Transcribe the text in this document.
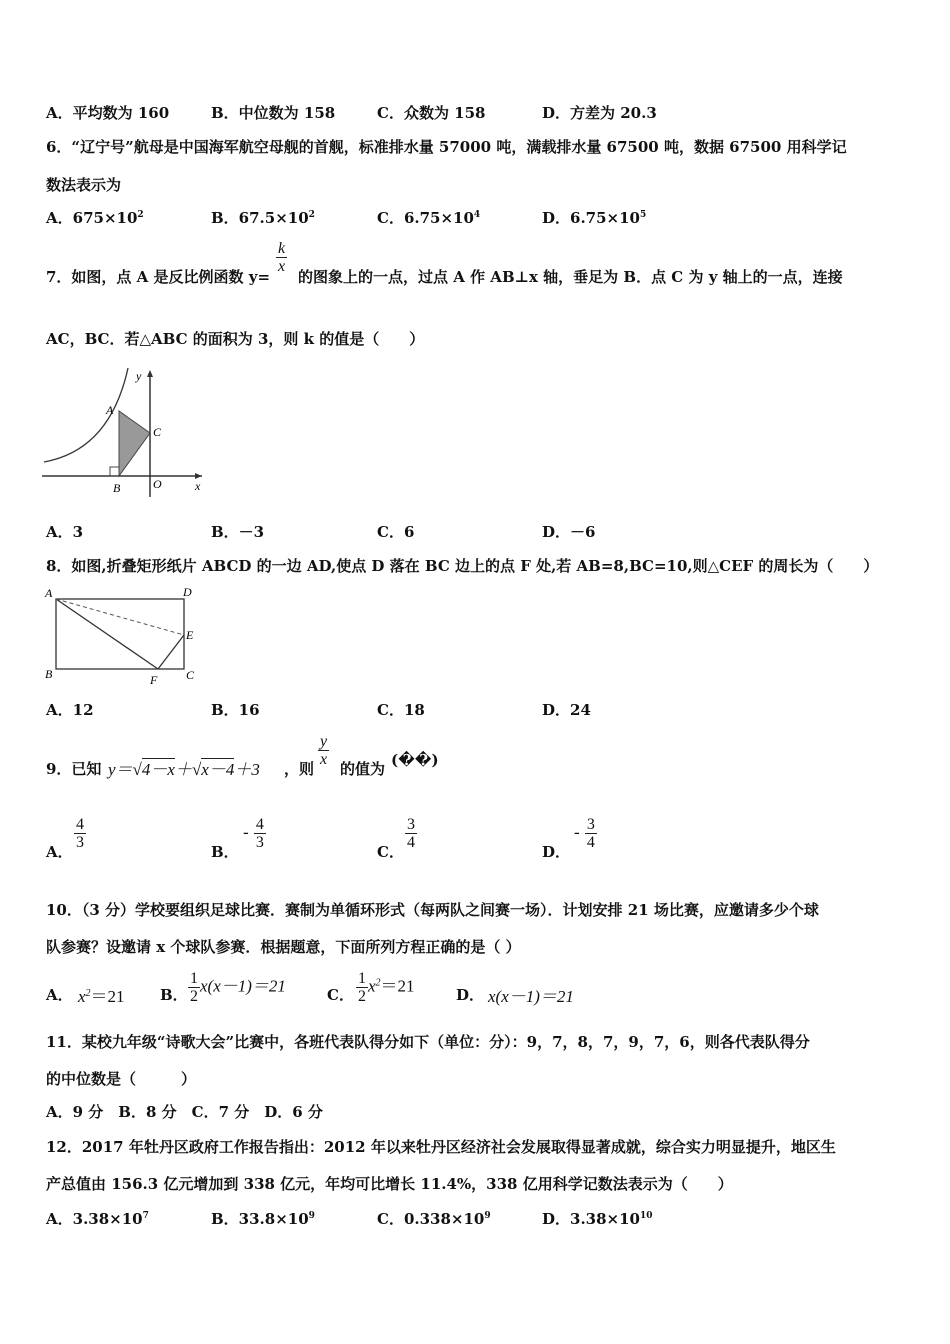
A．平均数为 160	B．中位数为 158	C．众数为 158	D．方差为 20.3
6．“辽宁号”航母是中国海军航空母舰的首舰，标准排水量 57000 吨，满载排水量 67500 吨，数据 67500 用科学记
数法表示为
A．$675\times 10^2$	B．$67.5\times 10^2$	C．$6.75\times 10^4$	D．$6.75\times 10^5$
7．如图，点 A 是反比例函数 y=
$\frac{k}{x}$
的图象上的一点，过点 A 作 AB⊥x 轴，垂足为 B．点 C 为 y 轴上的一点，连接
AC，BC．若△ABC 的面积为 3，则 k 的值是（　　）
y
A
C
B	O	x
A．3	B．－3	C．6	D．－6
8．如图,折叠矩形纸片 ABCD 的一边 AD,使点 D 落在 BC 边上的点 F 处,若 AB=8,BC=10,则△CEF 的周长为（　　）
A	D
E
B	F C
A．12	B．16	C．18	D．24
9．已知 y＝√4－x＋√x－4＋3 ，则
$\frac{y}{x}$
的值为 (��)
A．
$\frac{4}{3}$
B．
- $\frac{4}{3}$
C．
$\frac{3}{4}$
D．
- $\frac{3}{4}$
10．（3 分）学校要组织足球比赛．赛制为单循环形式（每两队之间赛一场）．计划安排 21 场比赛，应邀请多少个球
队参赛？设邀请 x 个球队参赛．根据题意，下面所列方程正确的是（ ）
A． $x^2=21$ B． $\frac{1}{2} x(x-1)=21$	C． $\frac{1}{2} x^2=21$	D． x(x－1)＝21
11．某校九年级“诗歌大会”比赛中，各班代表队得分如下（单位：分）：9，7，8，7，9，7，6，则各代表队得分
的中位数是（　　　）
A．9 分　B．8 分　C．7 分　D．6 分
12．2017 年牡丹区政府工作报告指出：2012 年以来牡丹区经济社会发展取得显著成就，综合实力明显提升，地区生
产总值由 156.3 亿元增加到 338 亿元，年均可比增长 11.4%，338 亿用科学记数法表示为（　　）
A．$3.38\times 10^7$	B．$33.8\times 10^9$	C．$0.338\times 10^9$	D．$3.38\times 10^{10}$
